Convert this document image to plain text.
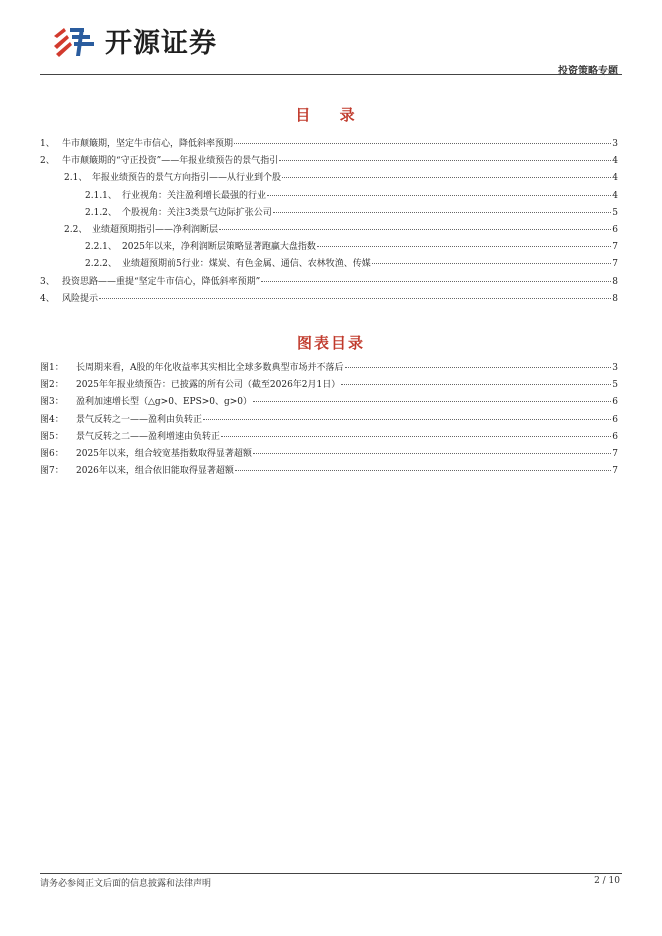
开源证券
投资策略专题
目 录
1、 牛市颠簸期，坚定牛市信心，降低斜率预期	3
2、 牛市颠簸期的“守正投资”——年报业绩预告的景气指引	4
2.1、 年报业绩预告的景气方向指引——从行业到个股	4
2.1.1、 行业视角：关注盈利增长最强的行业	4
2.1.2、 个股视角：关注3类景气边际扩张公司	5
2.2、 业绩超预期指引——净利润断层	6
2.2.1、 2025年以来，净利润断层策略显著跑赢大盘指数	7
2.2.2、 业绩超预期前5行业：煤炭、有色金属、通信、农林牧渔、传媒	7
3、 投资思路——重提“坚定牛市信心，降低斜率预期”	8
4、 风险提示	8
图表目录
图1：	长周期来看，A股的年化收益率其实相比全球多数典型市场并不落后	3
图2：	2025年年报业绩预告：已披露的所有公司（截至2026年2月1日）	5
图3：	盈利加速增长型（△g>0、EPS>0、g>0）	6
图4：	景气反转之一——盈利由负转正	6
图5：	景气反转之二——盈利增速由负转正	6
图6：	2025年以来，组合较宽基指数取得显著超额	7
图7：	2026年以来，组合依旧能取得显著超额	7
请务必参阅正文后面的信息披露和法律声明	2 / 10
